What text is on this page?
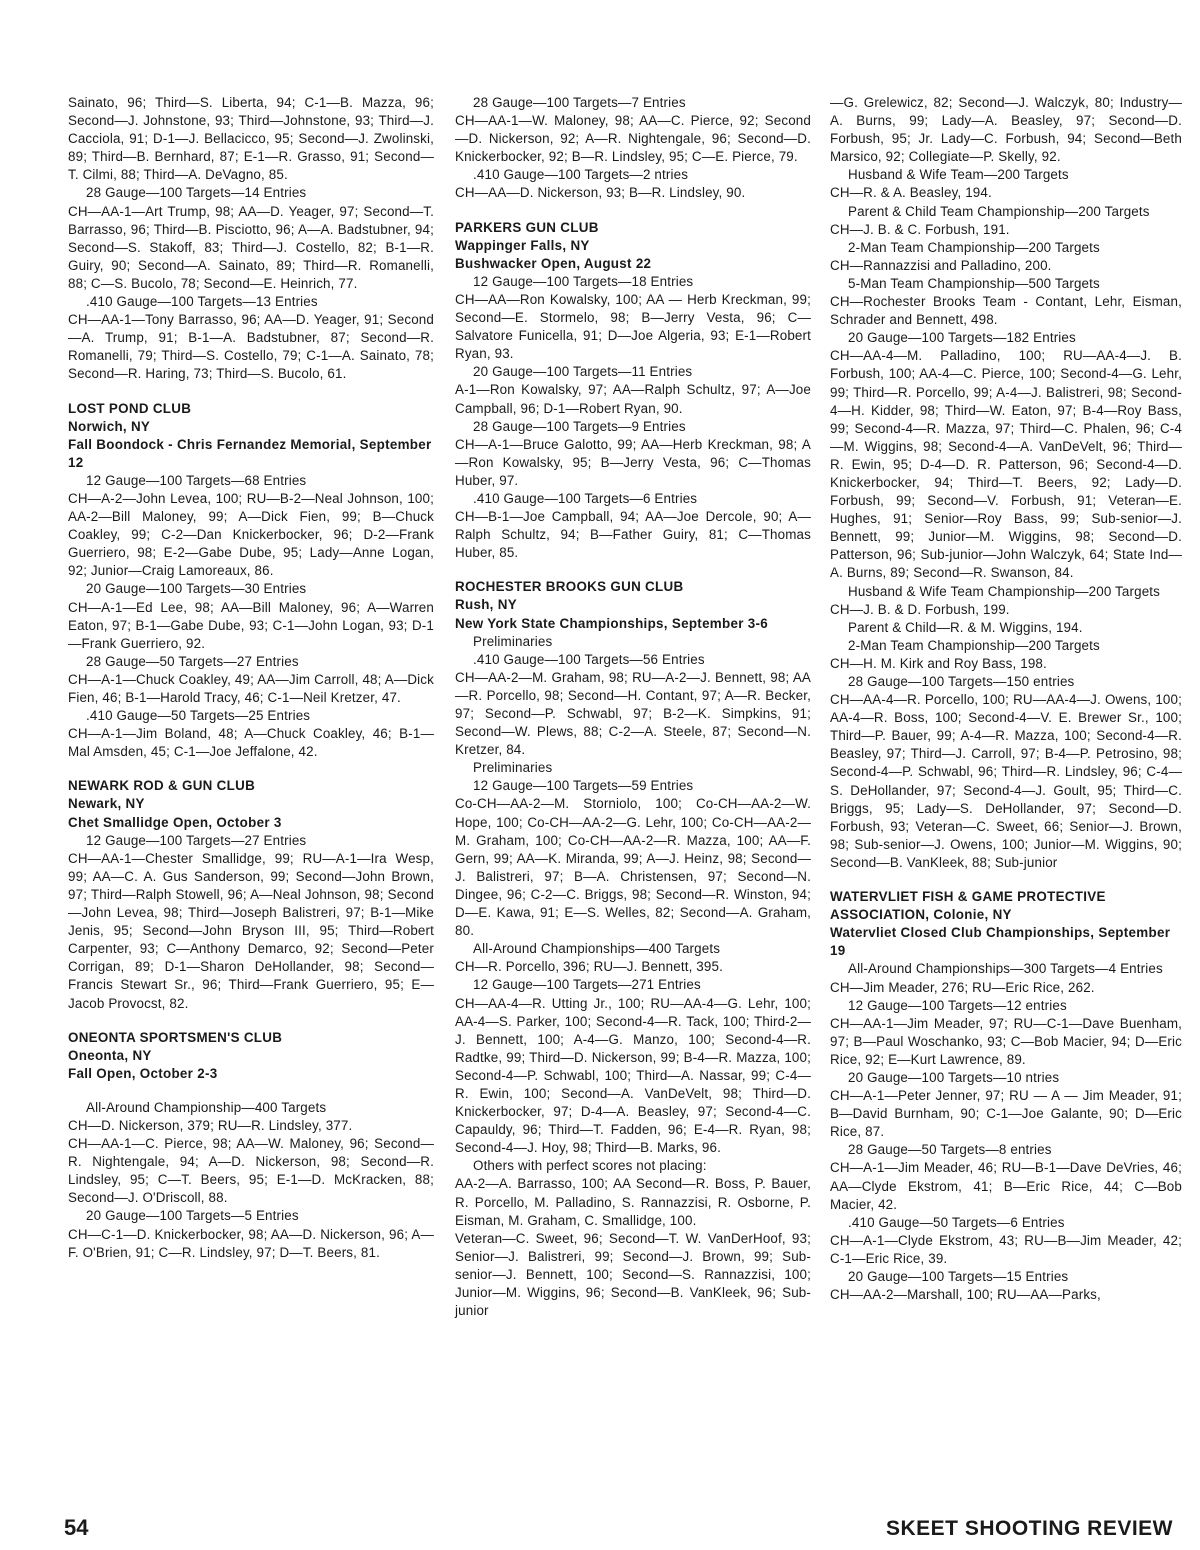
Sainato, 96; Third—S. Liberta, 94; C-1—B. Mazza, 96; Second—J. Johnstone, 93; Third—Johnstone, 93; Third—J. Cacciola, 91; D-1—J. Bellacicco, 95; Second—J. Zwolinski, 89; Third—B. Bernhard, 87; E-1—R. Grasso, 91; Second—T. Cilmi, 88; Third—A. DeVagno, 85.

28 Gauge—100 Targets—14 Entries

CH—AA-1—Art Trump, 98; AA—D. Yeager, 97; Second—T. Barrasso, 96; Third—B. Pisciotto, 96; A—A. Badstubner, 94; Second—S. Stakoff, 83; Third—J. Costello, 82; B-1—R. Guiry, 90; Second—A. Sainato, 89; Third—R. Romanelli, 88; C—S. Bucolo, 78; Second—E. Heinrich, 77.

.410 Gauge—100 Targets—13 Entries

CH—AA-1—Tony Barrasso, 96; AA—D. Yeager, 91; Second—A. Trump, 91; B-1—A. Badstubner, 87; Second—R. Romanelli, 79; Third—S. Costello, 79; C-1—A. Sainato, 78; Second—R. Haring, 73; Third—S. Bucolo, 61.

LOST POND CLUB

Norwich, NY

Fall Boondock - Chris Fernandez Memorial, September 12

12 Gauge—100 Targets—68 Entries

CH—A-2—John Levea, 100; RU—B-2—Neal Johnson, 100; AA-2—Bill Maloney, 99; A—Dick Fien, 99; B—Chuck Coakley, 99; C-2—Dan Knickerbocker, 96; D-2—Frank Guerriero, 98; E-2—Gabe Dube, 95; Lady—Anne Logan, 92; Junior—Craig Lamoreaux, 86.

20 Gauge—100 Targets—30 Entries

CH—A-1—Ed Lee, 98; AA—Bill Maloney, 96; A—Warren Eaton, 97; B-1—Gabe Dube, 93; C-1—John Logan, 93; D-1—Frank Guerriero, 92.

28 Gauge—50 Targets—27 Entries

CH—A-1—Chuck Coakley, 49; AA—Jim Carroll, 48; A—Dick Fien, 46; B-1—Harold Tracy, 46; C-1—Neil Kretzer, 47.

.410 Gauge—50 Targets—25 Entries

CH—A-1—Jim Boland, 48; A—Chuck Coakley, 46; B-1—Mal Amsden, 45; C-1—Joe Jeffalone, 42.

NEWARK ROD & GUN CLUB

Newark, NY

Chet Smallidge Open, October 3

12 Gauge—100 Targets—27 Entries

CH—AA-1—Chester Smallidge, 99; RU—A-1—Ira Wesp, 99; AA—C. A. Gus Sanderson, 99; Second—John Brown, 97; Third—Ralph Stowell, 96; A—Neal Johnson, 98; Second—John Levea, 98; Third—Joseph Balistreri, 97; B-1—Mike Jenis, 95; Second—John Bryson III, 95; Third—Robert Carpenter, 93; C—Anthony Demarco, 92; Second—Peter Corrigan, 89; D-1—Sharon DeHollander, 98; Second—Francis Stewart Sr., 96; Third—Frank Guerriero, 95; E—Jacob Provocst, 82.

ONEONTA SPORTSMEN'S CLUB

Oneonta, NY

Fall Open, October 2-3

All-Around Championship—400 Targets

CH—D. Nickerson, 379; RU—R. Lindsley, 377.

CH—AA-1—C. Pierce, 98; AA—W. Maloney, 96; Second—R. Nightengale, 94; A—D. Nickerson, 98; Second—R. Lindsley, 95; C—T. Beers, 95; E-1—D. McKracken, 88; Second—J. O'Driscoll, 88.

20 Gauge—100 Targets—5 Entries

CH—C-1—D. Knickerbocker, 98; AA—D. Nickerson, 96; A—F. O'Brien, 91; C—R. Lindsley, 97; D—T. Beers, 81.

28 Gauge—100 Targets—7 Entries

CH—AA-1—W. Maloney, 98; AA—C. Pierce, 92; Second—D. Nickerson, 92; A—R. Nightengale, 96; Second—D. Knickerbocker, 92; B—R. Lindsley, 95; C—E. Pierce, 79.

.410 Gauge—100 Targets—2 ntries

CH—AA—D. Nickerson, 93; B—R. Lindsley, 90.

PARKERS GUN CLUB

Wappinger Falls, NY

Bushwacker Open, August 22

12 Gauge—100 Targets—18 Entries

CH—AA—Ron Kowalsky, 100; AA — Herb Kreckman, 99; Second—E. Stormelo, 98; B—Jerry Vesta, 96; C—Salvatore Funicella, 91; D—Joe Algeria, 93; E-1—Robert Ryan, 93.

20 Gauge—100 Targets—11 Entries

A-1—Ron Kowalsky, 97; AA—Ralph Schultz, 97; A—Joe Campball, 96; D-1—Robert Ryan, 90.

28 Gauge—100 Targets—9 Entries

CH—A-1—Bruce Galotto, 99; AA—Herb Kreckman, 98; A—Ron Kowalsky, 95; B—Jerry Vesta, 96; C—Thomas Huber, 97.

.410 Gauge—100 Targets—6 Entries

CH—B-1—Joe Campball, 94; AA—Joe Dercole, 90; A—Ralph Schultz, 94; B—Father Guiry, 81; C—Thomas Huber, 85.

ROCHESTER BROOKS GUN CLUB

Rush, NY

New York State Championships, September 3-6

Preliminaries

.410 Gauge—100 Targets—56 Entries

CH—AA-2—M. Graham, 98; RU—A-2—J. Bennett, 98; AA—R. Porcello, 98; Second—H. Contant, 97; A—R. Becker, 97; Second—P. Schwabl, 97; B-2—K. Simpkins, 91; Second—W. Plews, 88; C-2—A. Steele, 87; Second—N. Kretzer, 84.

Preliminaries

12 Gauge—100 Targets—59 Entries

Co-CH—AA-2—M. Storniolo, 100; Co-CH—AA-2—W. Hope, 100; Co-CH—AA-2—G. Lehr, 100; Co-CH—AA-2—M. Graham, 100; Co-CH—AA-2—R. Mazza, 100; AA—F. Gern, 99; AA—K. Miranda, 99; A—J. Heinz, 98; Second—J. Balistreri, 97; B—A. Christensen, 97; Second—N. Dingee, 96; C-2—C. Briggs, 98; Second—R. Winston, 94; D—E. Kawa, 91; E—S. Welles, 82; Second—A. Graham, 80.

All-Around Championships—400 Targets

CH—R. Porcello, 396; RU—J. Bennett, 395.

12 Gauge—100 Targets—271 Entries

CH—AA-4—R. Utting Jr., 100; RU—AA-4—G. Lehr, 100; AA-4—S. Parker, 100; Second-4—R. Tack, 100; Third-2—J. Bennett, 100; A-4—G. Manzo, 100; Second-4—R. Radtke, 99; Third—D. Nickerson, 99; B-4—R. Mazza, 100; Second-4—P. Schwabl, 100; Third—A. Nassar, 99; C-4—R. Ewin, 100; Second—A. VanDeVelt, 98; Third—D. Knickerbocker, 97; D-4—A. Beasley, 97; Second-4—C. Capauldy, 96; Third—T. Fadden, 96; E-4—R. Ryan, 98; Second-4—J. Hoy, 98; Third—B. Marks, 96.

Others with perfect scores not placing:

AA-2—A. Barrasso, 100; AA Second—R. Boss, P. Bauer, R. Porcello, M. Palladino, S. Rannazzisi, R. Osborne, P. Eisman, M. Graham, C. Smallidge, 100.

Veteran—C. Sweet, 96; Second—T. W. VanDerHoof, 93; Senior—J. Balistreri, 99; Second—J. Brown, 99; Sub-senior—J. Bennett, 100; Second—S. Rannazzisi, 100; Junior—M. Wiggins, 96; Second—B. VanKleek, 96; Sub-junior

—G. Grelewicz, 82; Second—J. Walczyk, 80; Industry—A. Burns, 99; Lady—A. Beasley, 97; Second—D. Forbush, 95; Jr. Lady—C. Forbush, 94; Second—Beth Marsico, 92; Collegiate—P. Skelly, 92.

Husband & Wife Team—200 Targets

CH—R. & A. Beasley, 194.

Parent & Child Team Championship—200 Targets

CH—J. B. & C. Forbush, 191.

2-Man Team Championship—200 Targets

CH—Rannazzisi and Palladino, 200.

5-Man Team Championship—500 Targets

CH—Rochester Brooks Team - Contant, Lehr, Eisman, Schrader and Bennett, 498.

20 Gauge—100 Targets—182 Entries

CH—AA-4—M. Palladino, 100; RU—AA-4—J. B. Forbush, 100; AA-4—C. Pierce, 100; Second-4—G. Lehr, 99; Third—R. Porcello, 99; A-4—J. Balistreri, 98; Second-4—H. Kidder, 98; Third—W. Eaton, 97; B-4—Roy Bass, 99; Second-4—R. Mazza, 97; Third—C. Phalen, 96; C-4—M. Wiggins, 98; Second-4—A. VanDeVelt, 96; Third—R. Ewin, 95; D-4—D. R. Patterson, 96; Second-4—D. Knickerbocker, 94; Third—T. Beers, 92; Lady—D. Forbush, 99; Second—V. Forbush, 91; Veteran—E. Hughes, 91; Senior—Roy Bass, 99; Sub-senior—J. Bennett, 99; Junior—M. Wiggins, 98; Second—D. Patterson, 96; Sub-junior—John Walczyk, 64; State Ind—A. Burns, 89; Second—R. Swanson, 84.

Husband & Wife Team Championship—200 Targets

CH—J. B. & D. Forbush, 199.

Parent & Child—R. & M. Wiggins, 194.

2-Man Team Championship—200 Targets

CH—H. M. Kirk and Roy Bass, 198.

28 Gauge—100 Targets—150 entries

CH—AA-4—R. Porcello, 100; RU—AA-4—J. Owens, 100; AA-4—R. Boss, 100; Second-4—V. E. Brewer Sr., 100; Third—P. Bauer, 99; A-4—R. Mazza, 100; Second-4—R. Beasley, 97; Third—J. Carroll, 97; B-4—P. Petrosino, 98; Second-4—P. Schwabl, 96; Third—R. Lindsley, 96; C-4—S. DeHollander, 97; Second-4—J. Goult, 95; Third—C. Briggs, 95; Lady—S. DeHollander, 97; Second—D. Forbush, 93; Veteran—C. Sweet, 66; Senior—J. Brown, 98; Sub-senior—J. Owens, 100; Junior—M. Wiggins, 90; Second—B. VanKleek, 88; Sub-junior

WATERVLIET FISH & GAME PROTECTIVE ASSOCIATION, Colonie, NY

Watervliet Closed Club Championships, September 19

All-Around Championships—300 Targets—4 Entries

CH—Jim Meader, 276; RU—Eric Rice, 262.

12 Gauge—100 Targets—12 entries

CH—AA-1—Jim Meader, 97; RU—C-1—Dave Buenham, 97; B—Paul Woschanko, 93; C—Bob Macier, 94; D—Eric Rice, 92; E—Kurt Lawrence, 89.

20 Gauge—100 Targets—10 ntries

CH—A-1—Peter Jenner, 97; RU — A — Jim Meader, 91; B—David Burnham, 90; C-1—Joe Galante, 90; D—Eric Rice, 87.

28 Gauge—50 Targets—8 entries

CH—A-1—Jim Meader, 46; RU—B-1—Dave DeVries, 46; AA—Clyde Ekstrom, 41; B—Eric Rice, 44; C—Bob Macier, 42.

.410 Gauge—50 Targets—6 Entries

CH—A-1—Clyde Ekstrom, 43; RU—B—Jim Meader, 42; C-1—Eric Rice, 39.

20 Gauge—100 Targets—15 Entries

CH—AA-2—Marshall, 100; RU—AA—Parks,

54	SKEET SHOOTING REVIEW
